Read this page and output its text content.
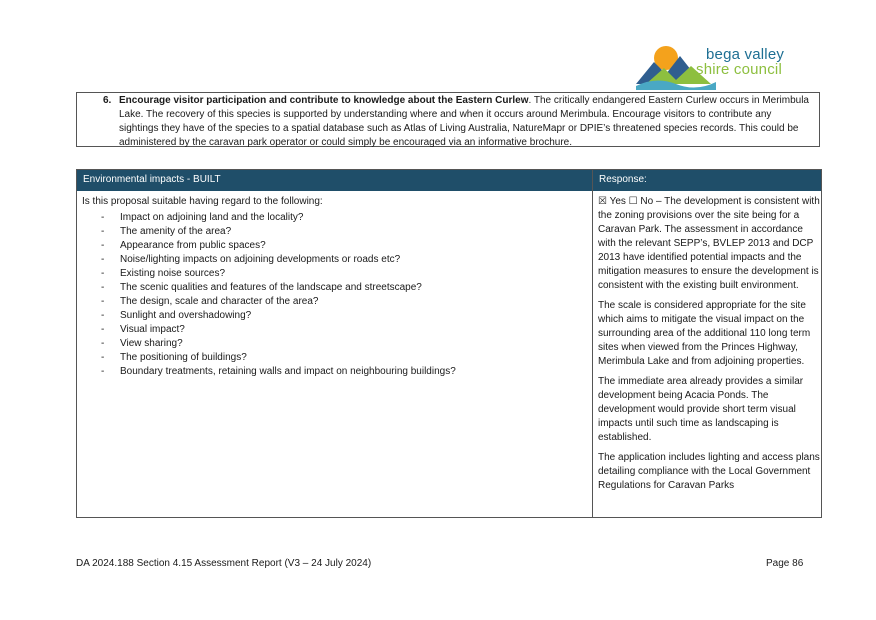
bega valley
shire council
6. Encourage visitor participation and contribute to knowledge about the Eastern Curlew. The critically endangered Eastern Curlew occurs in Merimbula Lake. The recovery of this species is supported by understanding where and when it occurs around Merimbula. Encourage visitors to contribute any sightings they have of the species to a spatial database such as Atlas of Living Australia, NatureMapr or DPIE’s threatened species records. This could be administered by the caravan park operator or could simply be encouraged via an informative brochure.
Environmental impacts - BUILT	Response:
Is this proposal suitable having regard to the following:
- Impact on adjoining land and the locality?
- The amenity of the area?
- Appearance from public spaces?
- Noise/lighting impacts on adjoining developments or roads etc?
- Existing noise sources?
- The scenic qualities and features of the landscape and streetscape?
- The design, scale and character of the area?
- Sunlight and overshadowing?
- Visual impact?
- View sharing?
- The positioning of buildings?
- Boundary treatments, retaining walls and impact on neighbouring buildings?

☒ Yes ☐ No – The development is consistent with the zoning provisions over the site being for a Caravan Park. The assessment in accordance with the relevant SEPP’s, BVLEP 2013 and DCP 2013 have identified potential impacts and the mitigation measures to ensure the development is consistent with the existing built environment.

The scale is considered appropriate for the site which aims to mitigate the visual impact on the surrounding area of the additional 110 long term sites when viewed from the Princes Highway, Merimbula Lake and from adjoining properties.

The immediate area already provides a similar development being Acacia Ponds. The development would provide short term visual impacts until such time as landscaping is established.

The application includes lighting and access plans detailing compliance with the Local Government Regulations for Caravan Parks

DA 2024.188 Section 4.15 Assessment Report (V3 – 24 July 2024)	Page 86
